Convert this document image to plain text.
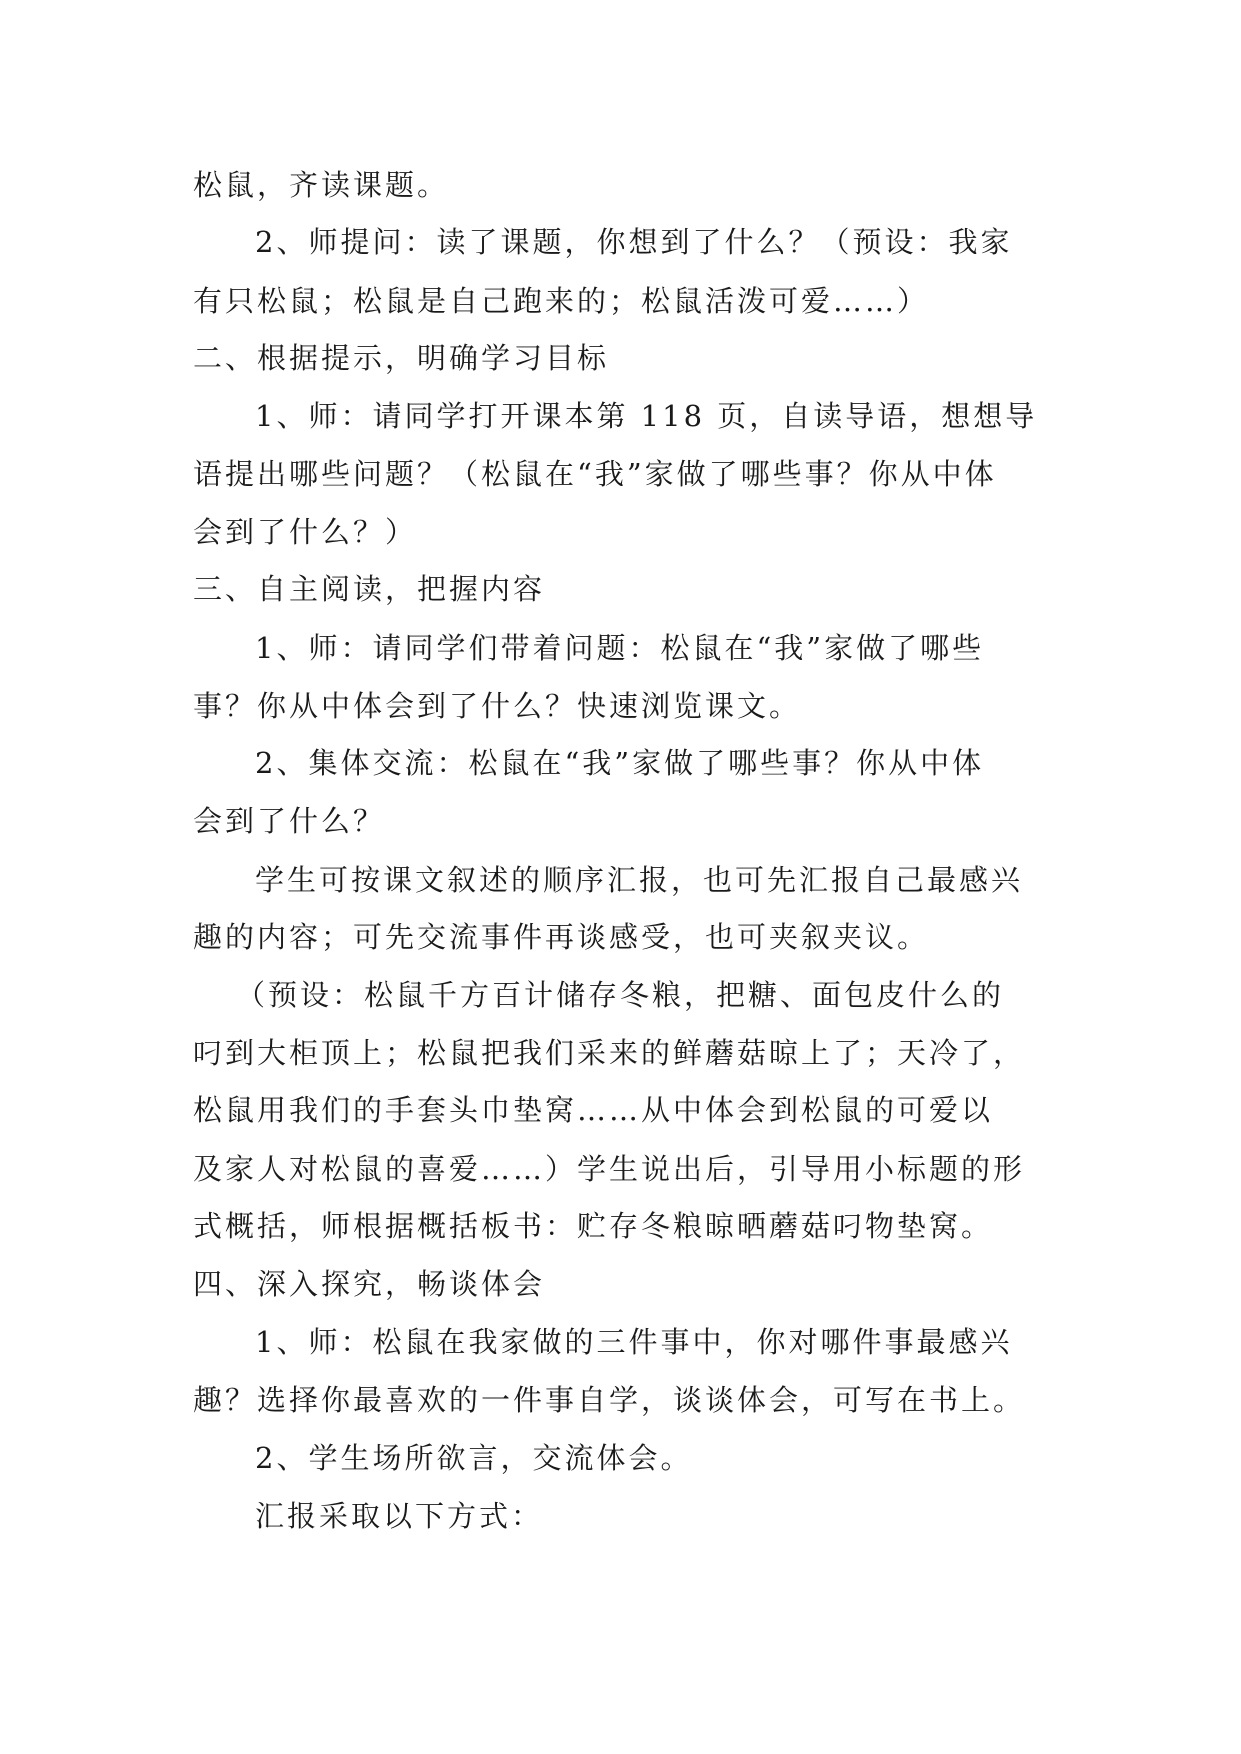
松鼠，齐读课题。
2、师提问：读了课题，你想到了什么？（预设：我家
有只松鼠；松鼠是自己跑来的；松鼠活泼可爱……）
二、根据提示，明确学习目标
1、师：请同学打开课本第 118 页，自读导语，想想导
语提出哪些问题？（松鼠在“我”家做了哪些事？你从中体
会到了什么？）
三、自主阅读，把握内容
1、师：请同学们带着问题：松鼠在“我”家做了哪些
事？你从中体会到了什么？快速浏览课文。
2、集体交流：松鼠在“我”家做了哪些事？你从中体
会到了什么？
学生可按课文叙述的顺序汇报，也可先汇报自己最感兴
趣的内容；可先交流事件再谈感受，也可夹叙夹议。
（预设：松鼠千方百计储存冬粮，把糖、面包皮什么的
叼到大柜顶上；松鼠把我们采来的鲜蘑菇晾上了；天冷了，
松鼠用我们的手套头巾垫窝……从中体会到松鼠的可爱以
及家人对松鼠的喜爱……）学生说出后，引导用小标题的形
式概括，师根据概括板书：贮存冬粮晾晒蘑菇叼物垫窝。
四、深入探究，畅谈体会
1、师：松鼠在我家做的三件事中，你对哪件事最感兴
趣？选择你最喜欢的一件事自学，谈谈体会，可写在书上。
2、学生场所欲言，交流体会。
汇报采取以下方式：
